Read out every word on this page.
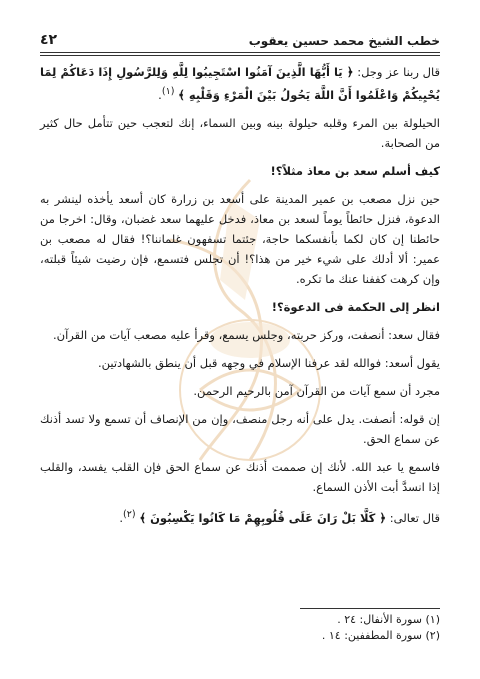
خطب الشيخ محمد حسين يعقوب
٤٢

قال ربنا عز وجل: ﴿ يَا أَيُّهَا الَّذِينَ آمَنُوا اسْتَجِيبُوا لِلَّهِ وَلِلرَّسُولِ إِذَا دَعَاكُمْ لِمَا يُحْيِيكُمْ وَاعْلَمُوا أَنَّ اللَّهَ يَحُولُ بَيْنَ الْمَرْءِ وَقَلْبِهِ ﴾ $^{(١)}$.

الحيلولة بين المرء وقلبه حيلولة بينه وبين السماء، إنك لتعجب حين تتأمل حال كثير من الصحابة.

كيف أسلم سعد بن معاذ مثلاً؟!

حين نزل مصعب بن عمير المدينة على أسعد بن زرارة كان أسعد يأخذه لينشر به الدعوة، فنزل حائطاً يوماً لسعد بن معاذ، فدخل عليهما سعد غضبان، وقال: اخرجا من حائطنا إن كان لكما بأنفسكما حاجة، جئتما تسفهون غلماننا؟! فقال له مصعب بن عمير: ألا أدلك على شيء خير من هذا؟! أن تجلس فتسمع، فإن رضيت شيئاً قبلته، وإن كرهت كففنا عنك ما تكره.

انظر إلى الحكمة فى الدعوة؟!

فقال سعد: أنصفت، وركز حربته، وجلس يسمع، وقرأ عليه مصعب آيات من القرآن.

يقول أسعد: فوالله لقد عرفنا الإسلام في وجهه قبل أن ينطق بالشهادتين.

مجرد أن سمع آيات من القرآن آمن بالرحيم الرحمن.

إن قوله: أنصفت. يدل على أنه رجل منصف، وإن من الإنصاف أن تسمع ولا تسد أذنك عن سماع الحق.

فاسمع يا عبد الله. لأنك إن صممت أذنك عن سماع الحق فإن القلب يفسد، والقلب إذا انسدَّ أبت الأذن السماع.

قال تعالى: ﴿ كَلَّا بَلْ رَانَ عَلَى قُلُوبِهِمْ مَا كَانُوا يَكْسِبُونَ ﴾ $^{(٢)}$.

(١) سورة الأنفال: ٢٤ .
(٢) سورة المطففين: ١٤ .
